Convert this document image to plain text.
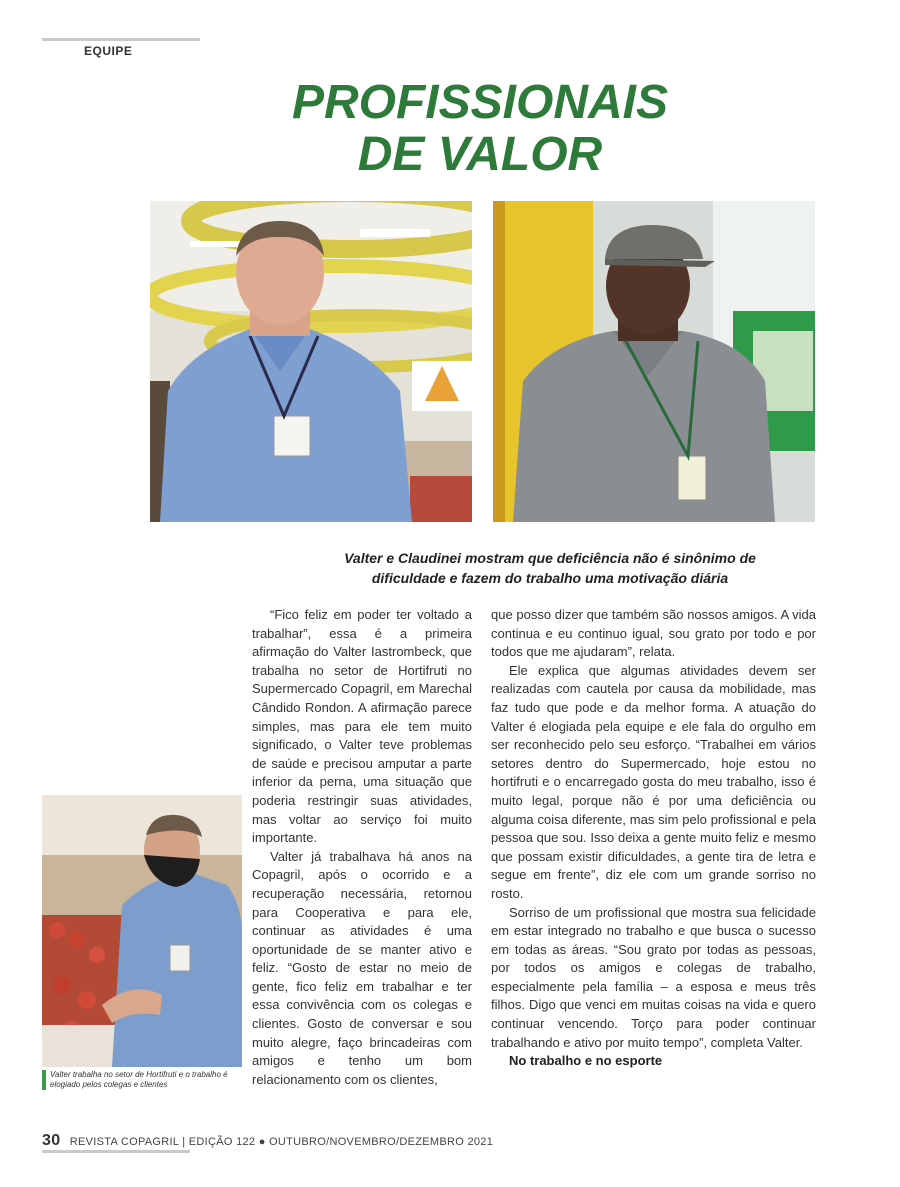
EQUIPE
PROFISSIONAIS
DE VALOR
Valter e Claudinei mostram que deficiência não é sinônimo de
dificuldade e fazem do trabalho uma motivação diária
Valter trabalha no setor de Hortifruti e o trabalho é elogiado pelos colegas e clientes

“Fico feliz em poder ter voltado a trabalhar”, essa é a primeira afirmação do Valter Iastrombeck, que trabalha no setor de Hortifruti no Supermercado Copagril, em Marechal Cândido Rondon. A afirmação parece simples, mas para ele tem muito significado, o Valter teve problemas de saúde e precisou amputar a parte inferior da perna, uma situação que poderia restringir suas atividades, mas voltar ao serviço foi muito importante.

Valter já trabalhava há anos na Copagril, após o ocorrido e a recuperação necessária, retornou para Cooperativa e para ele, continuar as atividades é uma oportunidade de se manter ativo e feliz. “Gosto de estar no meio de gente, fico feliz em trabalhar e ter essa convivência com os colegas e clientes. Gosto de conversar e sou muito alegre, faço brincadeiras com amigos e tenho um bom relacionamento com os clientes,

que posso dizer que também são nossos amigos. A vida continua e eu continuo igual, sou grato por todo e por todos que me ajudaram”, relata.

Ele explica que algumas atividades devem ser realizadas com cautela por causa da mobilidade, mas faz tudo que pode e da melhor forma. A atuação do Valter é elogiada pela equipe e ele fala do orgulho em ser reconhecido pelo seu esforço. “Trabalhei em vários setores dentro do Supermercado, hoje estou no hortifruti e o encarregado gosta do meu trabalho, isso é muito legal, porque não é por uma deficiência ou alguma coisa diferente, mas sim pelo profissional e pela pessoa que sou. Isso deixa a gente muito feliz e mesmo que possam existir dificuldades, a gente tira de letra e segue em frente”, diz ele com um grande sorriso no rosto.

Sorriso de um profissional que mostra sua felicidade em estar integrado no trabalho e que busca o sucesso em todas as áreas. “Sou grato por todas as pessoas, por todos os amigos e colegas de trabalho, especialmente pela família – a esposa e meus três filhos. Digo que venci em muitas coisas na vida e quero continuar vencendo. Torço para poder continuar trabalhando e ativo por muito tempo”, completa Valter.

No trabalho e no esporte

30 REVISTA COPAGRIL | EDIÇÃO 122 ● OUTUBRO/NOVEMBRO/DEZEMBRO 2021
